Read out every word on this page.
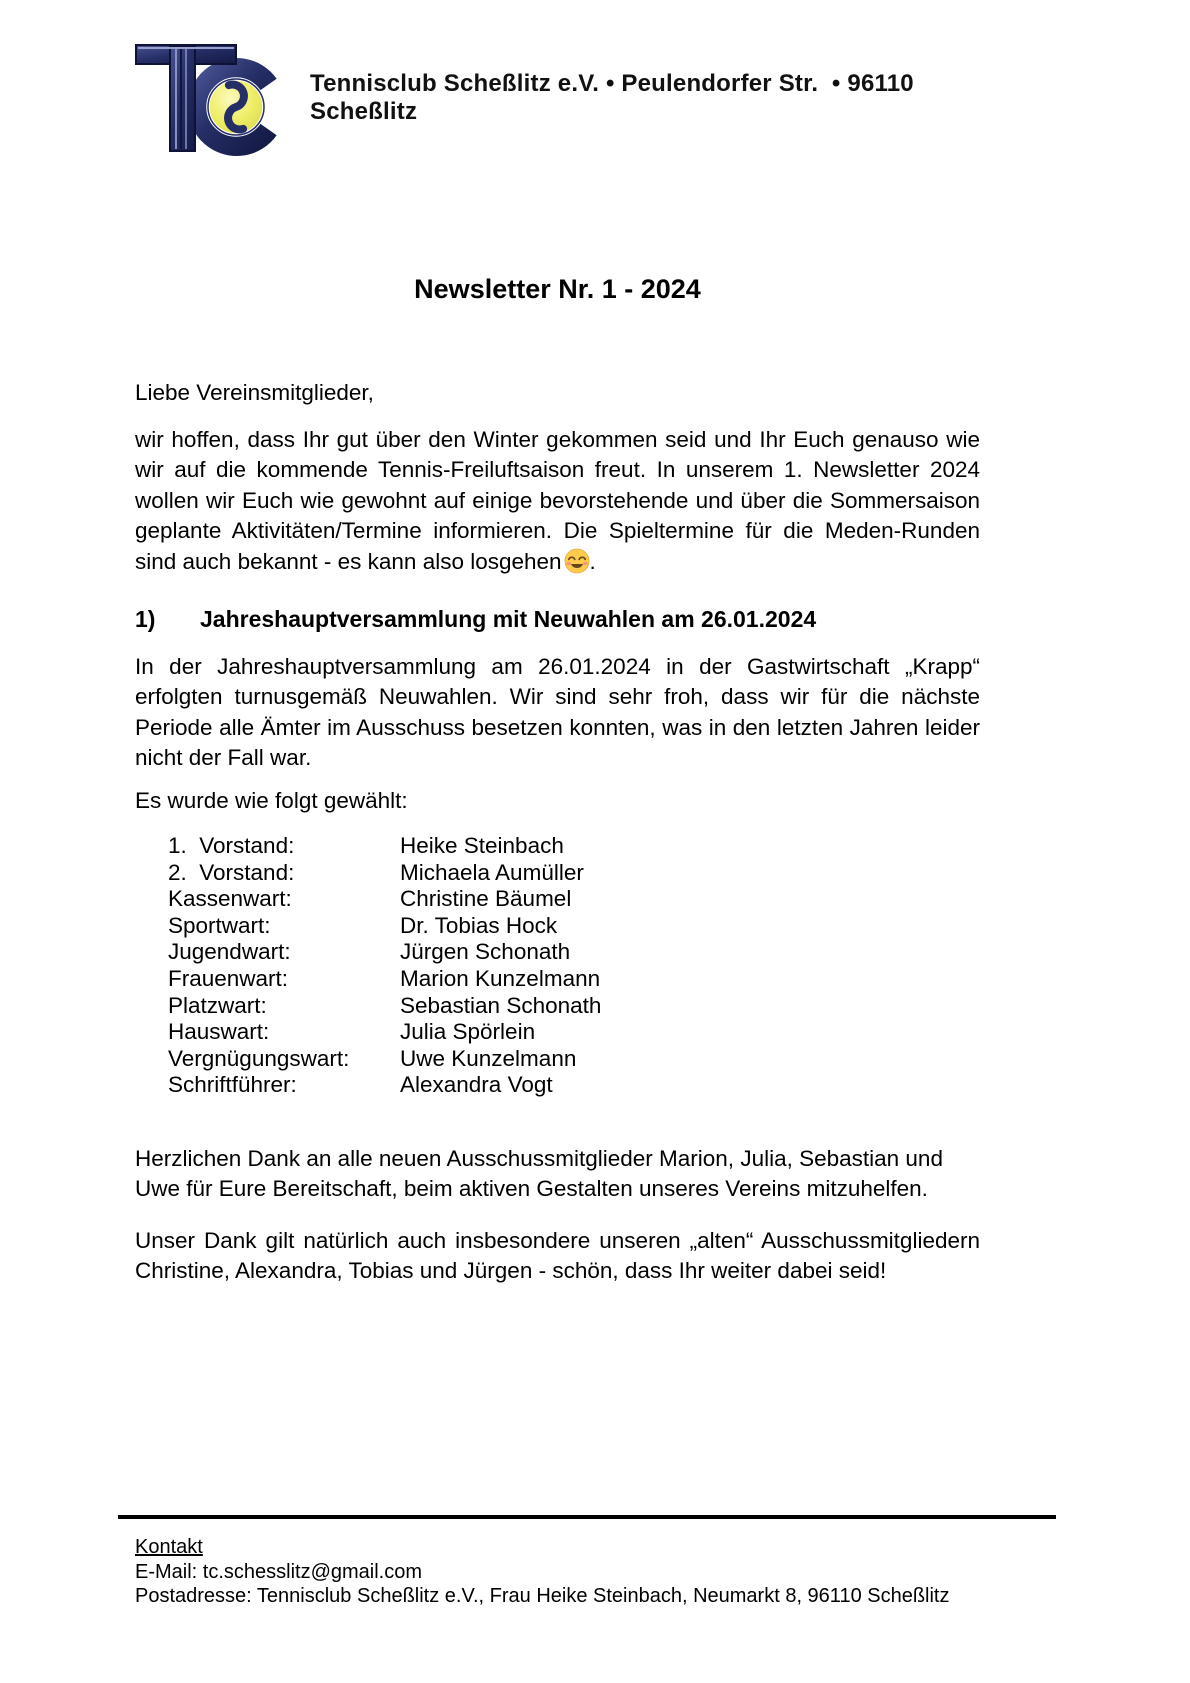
Tennisclub Scheßlitz e.V. • Peulendorfer Str.  • 96110 Scheßlitz
Newsletter Nr. 1 - 2024

Liebe Vereinsmitglieder,

wir hoffen, dass Ihr gut über den Winter gekommen seid und Ihr Euch genauso wie wir auf die kommende Tennis-Freiluftsaison freut. In unserem 1. Newsletter 2024 wollen wir Euch wie gewohnt auf einige bevorstehende und über die Sommersaison geplante Aktivitäten/Termine informieren. Die Spieltermine für die Meden-Runden sind auch bekannt - es kann also losgehen .

1)	Jahreshauptversammlung mit Neuwahlen am 26.01.2024

In der Jahreshauptversammlung am 26.01.2024 in der Gastwirtschaft „Krapp“ erfolgten turnusgemäß Neuwahlen. Wir sind sehr froh, dass wir für die nächste Periode alle Ämter im Ausschuss besetzen konnten, was in den letzten Jahren leider nicht der Fall war.

Es wurde wie folgt gewählt:

1.  Vorstand:	Heike Steinbach
2.  Vorstand:	Michaela Aumüller
Kassenwart:	Christine Bäumel
Sportwart:	Dr. Tobias Hock
Jugendwart:	Jürgen Schonath
Frauenwart:	Marion Kunzelmann
Platzwart:	Sebastian Schonath
Hauswart:	Julia Spörlein
Vergnügungswart:	Uwe Kunzelmann
Schriftführer:	Alexandra Vogt

Herzlichen Dank an alle neuen Ausschussmitglieder Marion, Julia, Sebastian und Uwe für Eure Bereitschaft, beim aktiven Gestalten unseres Vereins mitzuhelfen.

Unser Dank gilt natürlich auch insbesondere unseren „alten“ Ausschussmitgliedern Christine, Alexandra, Tobias und Jürgen - schön, dass Ihr weiter dabei seid!

Kontakt
E-Mail: tc.schesslitz@gmail.com
Postadresse: Tennisclub Scheßlitz e.V., Frau Heike Steinbach, Neumarkt 8, 96110 Scheßlitz
